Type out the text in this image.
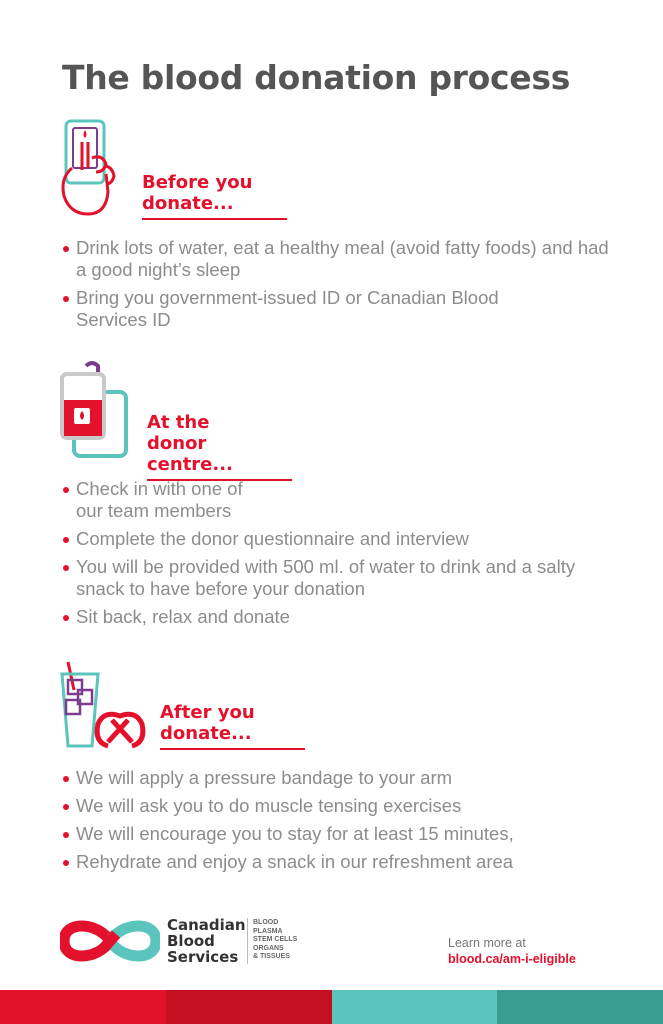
The blood donation process
Before you
donate...
Drink lots of water, eat a healthy meal (avoid fatty foods) and had a good night’s sleep
Bring you government-issued ID or Canadian Blood Services ID
At the
donor centre...
Check in with one of our team members
Complete the donor questionnaire and interview
You will be provided with 500 ml. of water to drink and a salty snack to have before your donation
Sit back, relax and donate
After you
donate...
We will apply a pressure bandage to your arm
We will ask you to do muscle tensing exercises
We will encourage you to stay for at least 15 minutes,
Rehydrate and enjoy a snack in our refreshment area
Canadian
Blood
Services
BLOOD
PLASMA
STEM CELLS
ORGANS
& TISSUES
Learn more at
blood.ca/am-i-eligible
